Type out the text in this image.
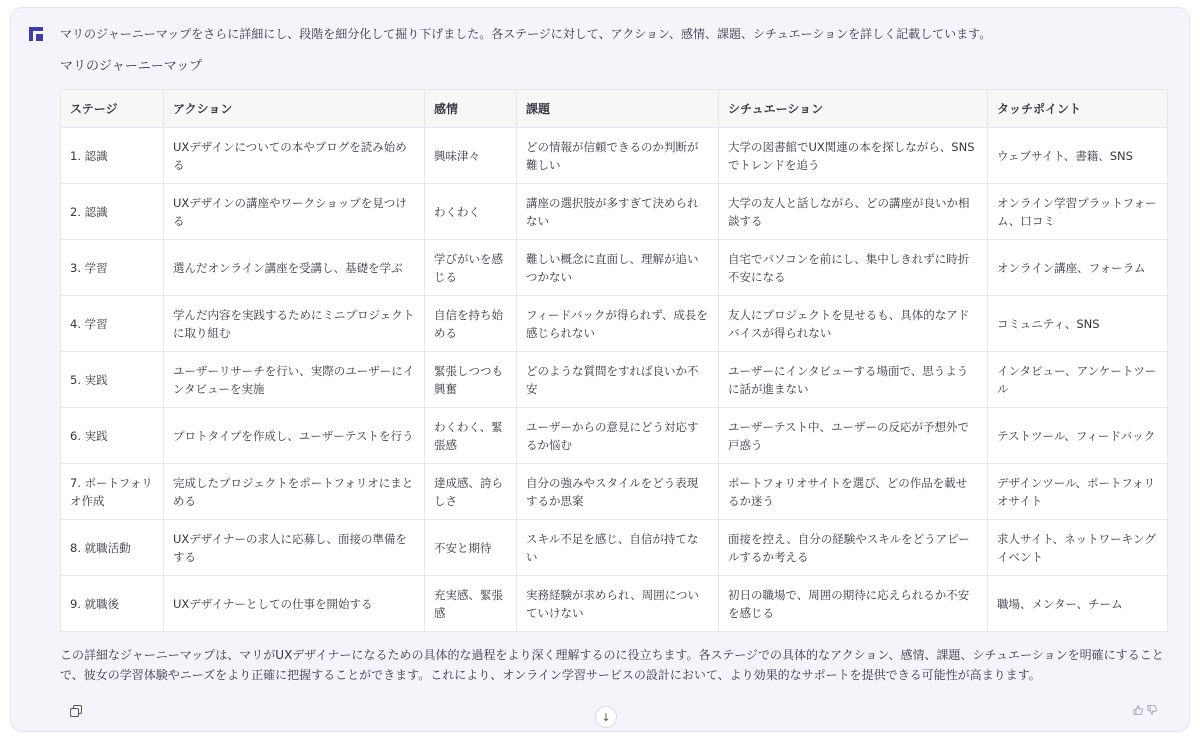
マリのジャーニーマップをさらに詳細にし、段階を細分化して掘り下げました。各ステージに対して、アクション、感情、課題、シチュエーションを詳しく記載しています。
マリのジャーニーマップ
ステージ	アクション	感情	課題	シチュエーション	タッチポイント
1. 認識	UXデザインについての本やブログを読み始める	興味津々	どの情報が信頼できるのか判断が難しい	大学の図書館でUX関連の本を探しながら、SNSでトレンドを追う	ウェブサイト、書籍、SNS
2. 認識	UXデザインの講座やワークショップを見つける	わくわく	講座の選択肢が多すぎて決められない	大学の友人と話しながら、どの講座が良いか相談する	オンライン学習プラットフォーム、口コミ
3. 学習	選んだオンライン講座を受講し、基礎を学ぶ	学びがいを感じる	難しい概念に直面し、理解が追いつかない	自宅でパソコンを前にし、集中しきれずに時折不安になる	オンライン講座、フォーラム
4. 学習	学んだ内容を実践するためにミニプロジェクトに取り組む	自信を持ち始める	フィードバックが得られず、成長を感じられない	友人にプロジェクトを見せるも、具体的なアドバイスが得られない	コミュニティ、SNS
5. 実践	ユーザーリサーチを行い、実際のユーザーにインタビューを実施	緊張しつつも興奮	どのような質問をすれば良いか不安	ユーザーにインタビューする場面で、思うように話が進まない	インタビュー、アンケートツール
6. 実践	プロトタイプを作成し、ユーザーテストを行う	わくわく、緊張感	ユーザーからの意見にどう対応するか悩む	ユーザーテスト中、ユーザーの反応が予想外で戸惑う	テストツール、フィードバック
7. ポートフォリオ作成	完成したプロジェクトをポートフォリオにまとめる	達成感、誇らしさ	自分の強みやスタイルをどう表現するか思案	ポートフォリオサイトを選び、どの作品を載せるか迷う	デザインツール、ポートフォリオサイト
8. 就職活動	UXデザイナーの求人に応募し、面接の準備をする	不安と期待	スキル不足を感じ、自信が持てない	面接を控え、自分の経験やスキルをどうアピールするか考える	求人サイト、ネットワーキングイベント
9. 就職後	UXデザイナーとしての仕事を開始する	充実感、緊張感	実務経験が求められ、周囲についていけない	初日の職場で、周囲の期待に応えられるか不安を感じる	職場、メンター、チーム
この詳細なジャーニーマップは、マリがUXデザイナーになるための具体的な過程をより深く理解するのに役立ちます。各ステージでの具体的なアクション、感情、課題、シチュエーションを明確にすることで、彼女の学習体験やニーズをより正確に把握することができます。これにより、オンライン学習サービスの設計において、より効果的なサポートを提供できる可能性が高まります。
↓
